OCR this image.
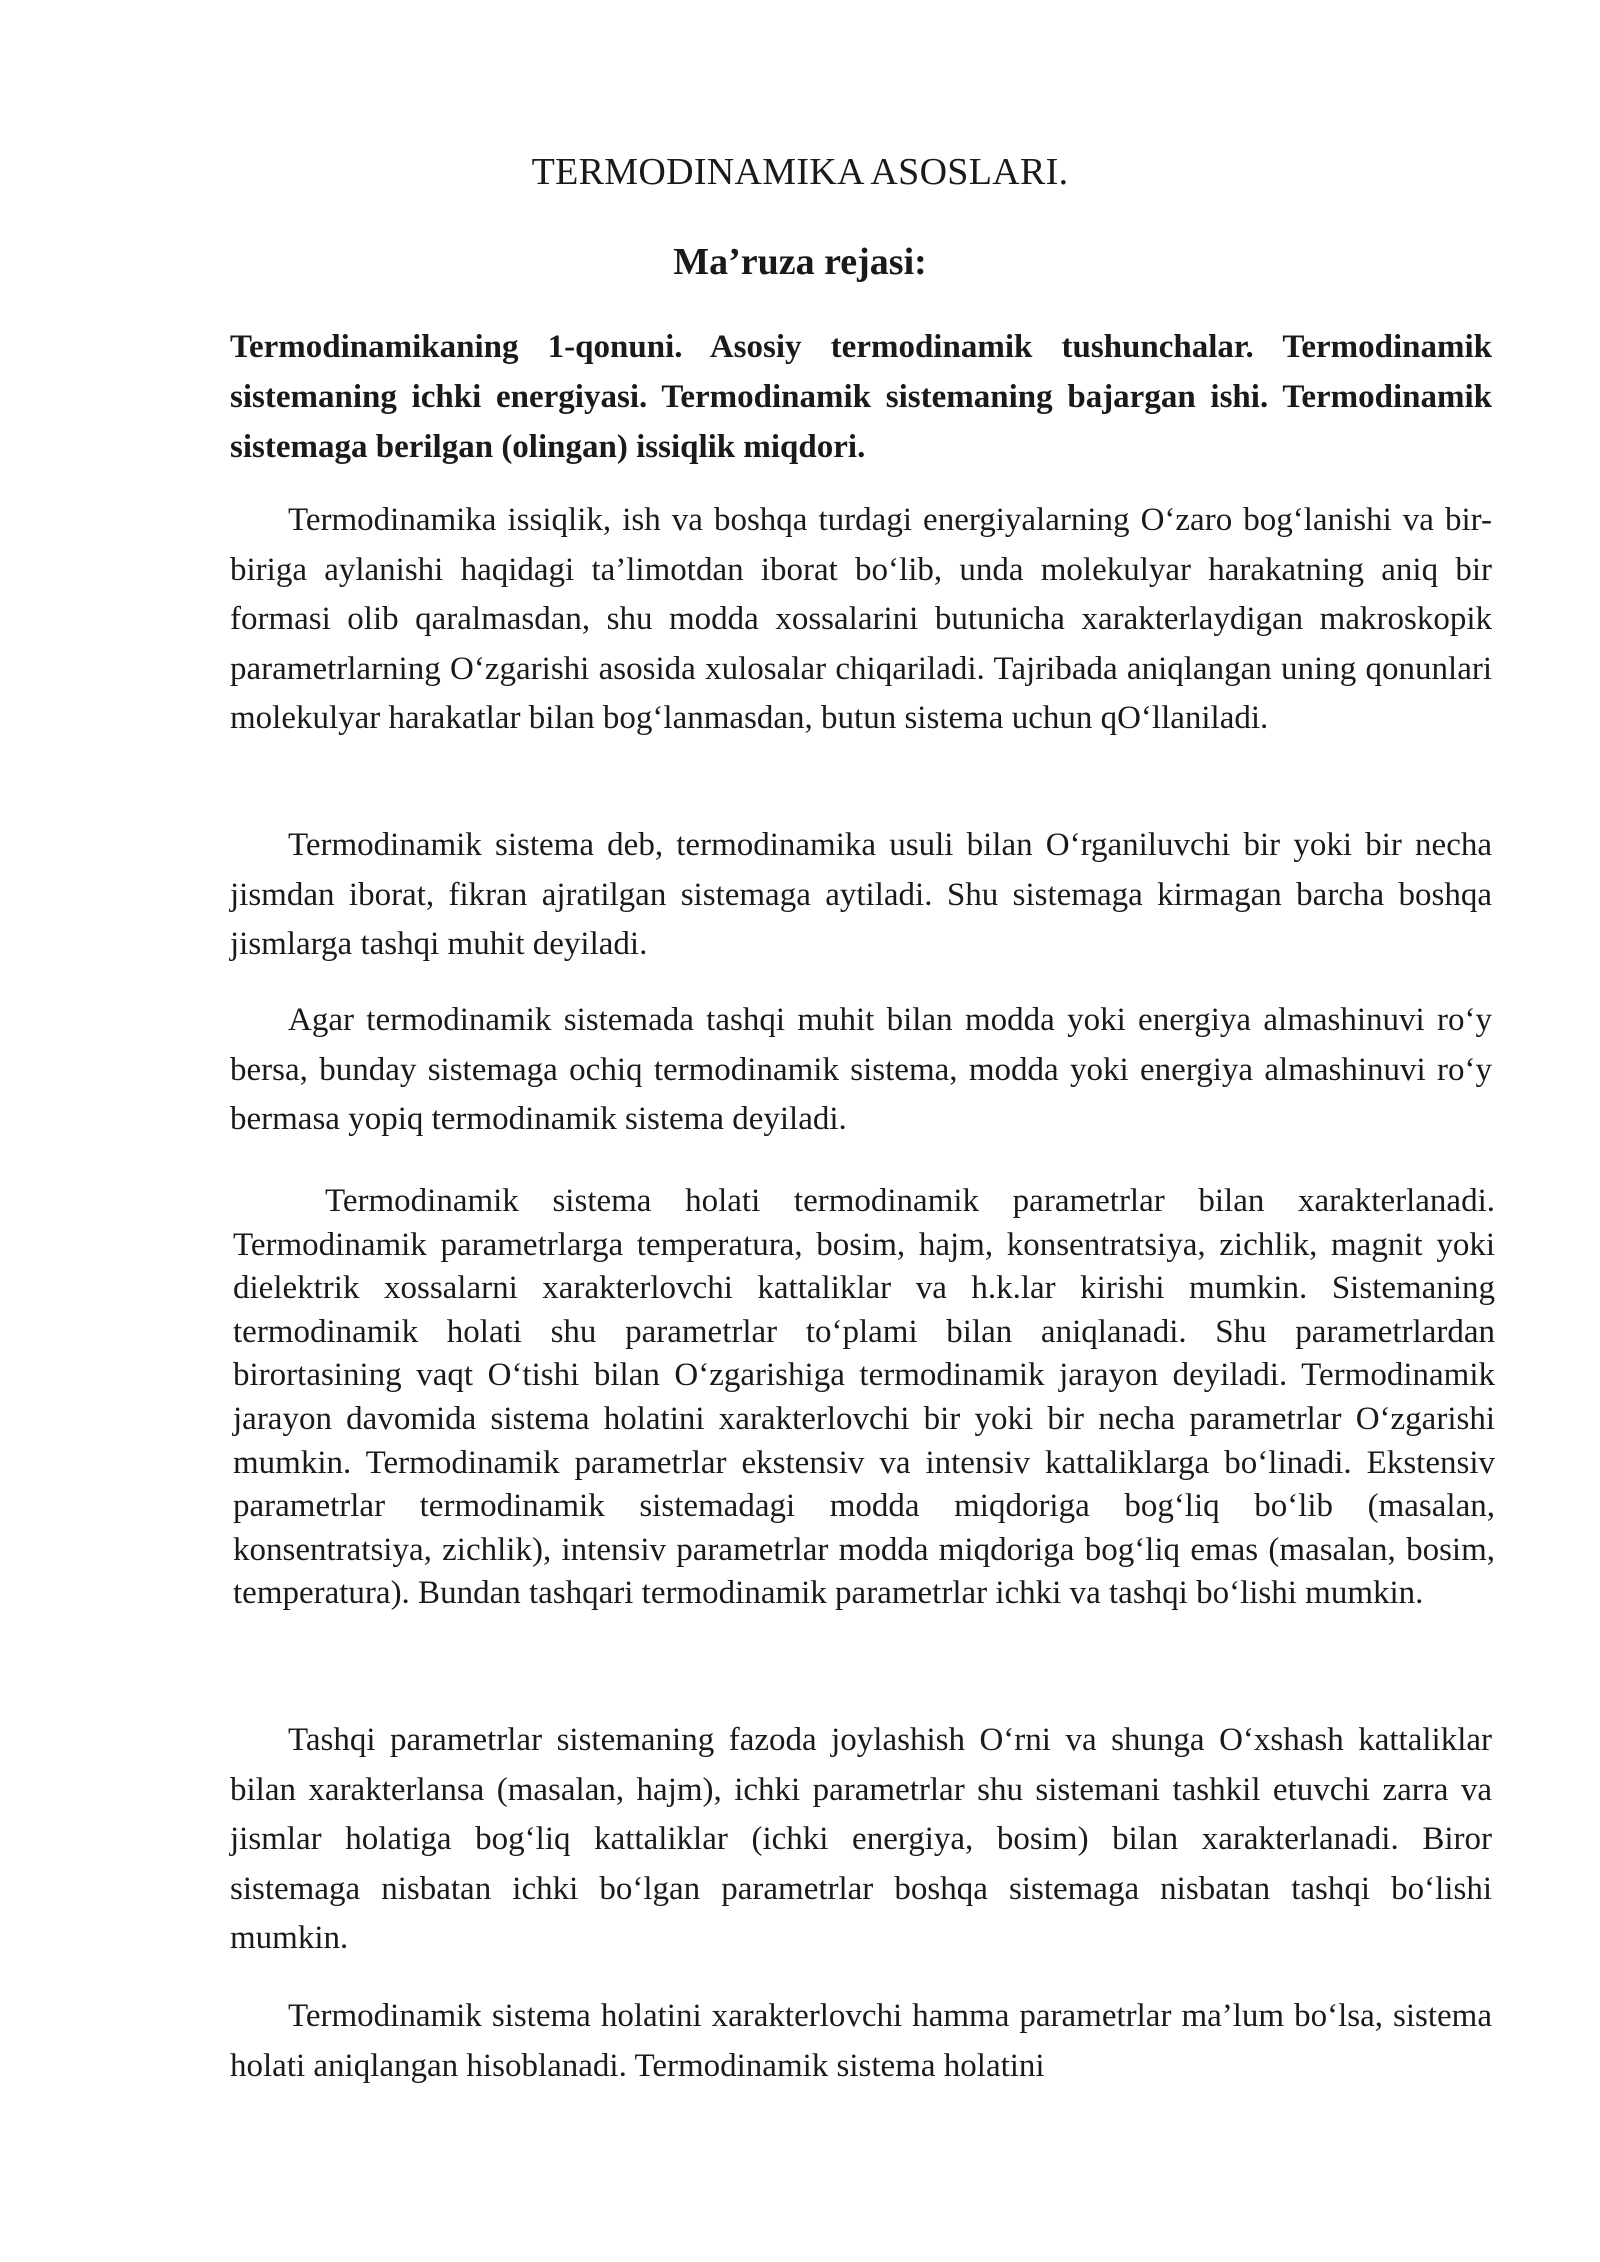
TERMODINAMIKA ASOSLARI.
Ma’ruza rejasi:

Termodinamikaning 1-qonuni. Asosiy termodinamik tushunchalar. Termodinamik sistemaning ichki energiyasi. Termodinamik sistemaning bajargan ishi. Termodinamik sistemaga berilgan (olingan) issiqlik miqdori.

Termodinamika issiqlik, ish va boshqa turdagi energiyalarning O‘zaro bog‘lanishi va bir-biriga aylanishi haqidagi ta’limotdan iborat bo‘lib, unda molekulyar harakatning aniq bir formasi olib qaralmasdan, shu modda xossalarini butunicha xarakterlaydigan makroskopik parametrlarning O‘zgarishi asosida xulosalar chiqariladi. Tajribada aniqlangan uning qonunlari molekulyar harakatlar bilan bog‘lanmasdan, butun sistema uchun qO‘llaniladi.

Termodinamik sistema deb, termodinamika usuli bilan O‘rganiluvchi bir yoki bir necha jismdan iborat, fikran ajratilgan sistemaga aytiladi. Shu sistemaga kirmagan barcha boshqa jismlarga tashqi muhit deyiladi.

Agar termodinamik sistemada tashqi muhit bilan modda yoki energiya almashinuvi ro‘y bersa, bunday sistemaga ochiq termodinamik sistema, modda yoki energiya almashinuvi ro‘y bermasa yopiq termodinamik sistema deyiladi.

Termodinamik sistema holati termodinamik parametrlar bilan xarakterlanadi. Termodinamik parametrlarga temperatura, bosim, hajm, konsentratsiya, zichlik, magnit yoki dielektrik xossalarni xarakterlovchi kattaliklar va h.k.lar kirishi mumkin. Sistemaning termodinamik holati shu parametrlar to‘plami bilan aniqlanadi. Shu parametrlardan birortasining vaqt O‘tishi bilan O‘zgarishiga termodinamik jarayon deyiladi. Termodinamik jarayon davomida sistema holatini xarakterlovchi bir yoki bir necha parametrlar O‘zgarishi mumkin. Termodinamik parametrlar ekstensiv va intensiv kattaliklarga bo‘linadi. Ekstensiv parametrlar termodinamik sistemadagi modda miqdoriga bog‘liq bo‘lib (masalan, konsentratsiya, zichlik), intensiv parametrlar modda miqdoriga bog‘liq emas (masalan, bosim, temperatura). Bundan tashqari termodinamik parametrlar ichki va tashqi bo‘lishi mumkin.

Tashqi parametrlar sistemaning fazoda joylashish O‘rni va shunga O‘xshash kattaliklar bilan xarakterlansa (masalan, hajm), ichki parametrlar shu sistemani tashkil etuvchi zarra va jismlar holatiga bog‘liq kattaliklar (ichki energiya, bosim) bilan xarakterlanadi. Biror sistemaga nisbatan ichki bo‘lgan parametrlar boshqa sistemaga nisbatan tashqi bo‘lishi mumkin.

Termodinamik sistema holatini xarakterlovchi hamma parametrlar ma’lum bo‘lsa, sistema holati aniqlangan hisoblanadi. Termodinamik sistema holatini
